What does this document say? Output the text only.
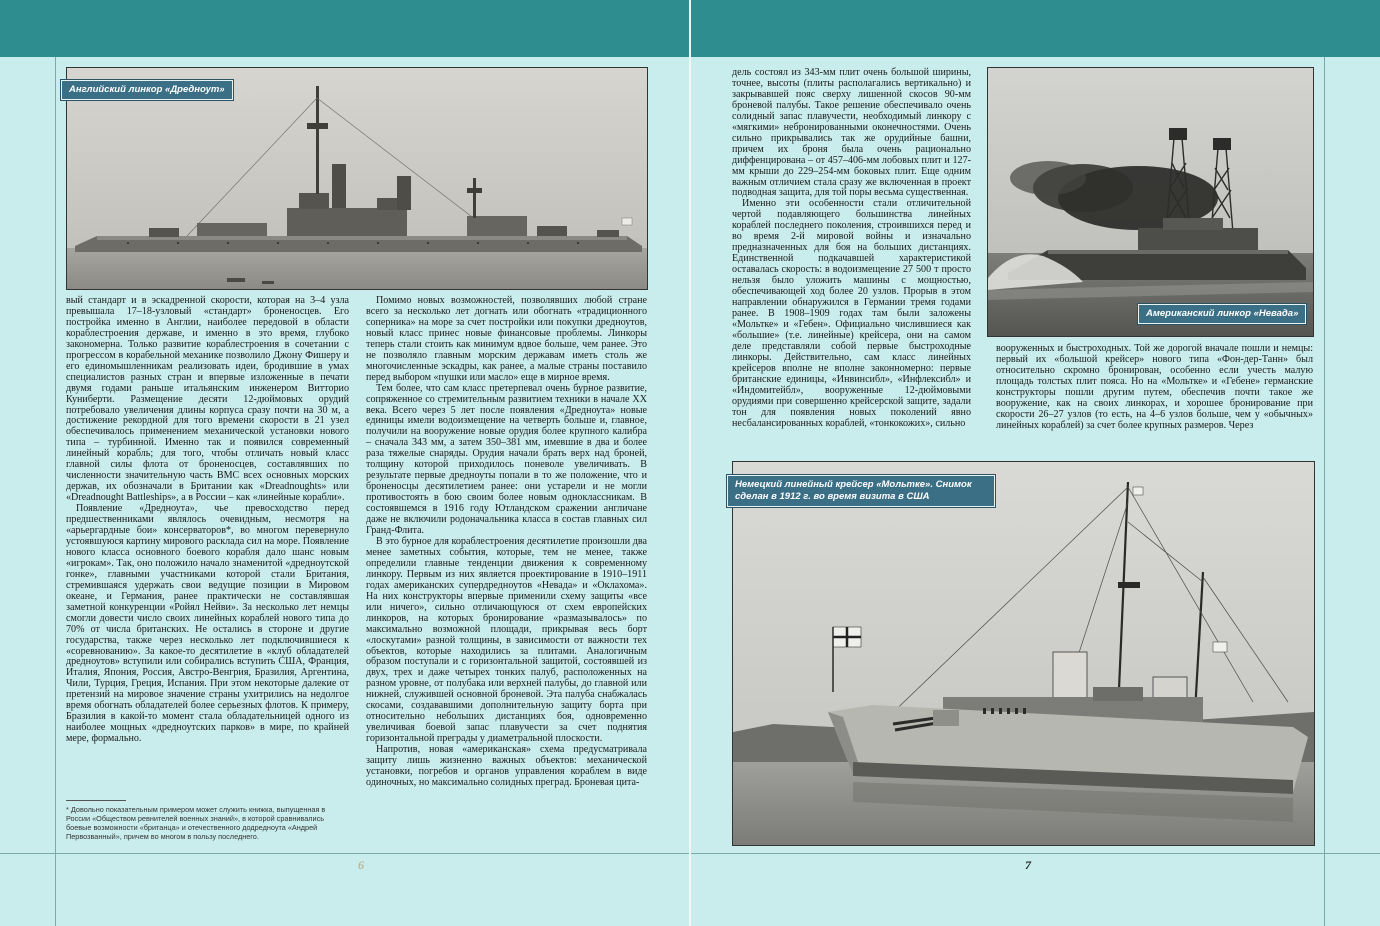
Английский линкор «Дредноут»

вый стандарт и в эскадренной скорости, которая на 3–4 узла превышала 17–18-узловый «стандарт» броненосцев. Его постройка именно в Англии, наиболее передовой в области кораблестроения державе, и именно в это время, глубоко закономерна. Только развитие кораблестроения в сочетании с прогрессом в корабельной механике позволило Джону Фишеру и его единомышленникам реализовать идеи, бродившие в умах специалистов разных стран и впервые изложенные в печати двумя годами раньше итальянским инженером Витторио Куниберти. Размещение десяти 12-дюймовых орудий потребовало увеличения длины корпуса сразу почти на 30 м, а достижение рекордной для того времени скорости в 21 узел обеспечивалось применением механической установки нового типа – турбинной. Именно так и появился современный линейный корабль; для того, чтобы отличать новый класс главной силы флота от броненосцев, составлявших по численности значительную часть ВМС всех основных морских держав, их обозначали в Британии как «Dreadnoughts» или «Dreadnought Battleships», а в России – как «линейные корабли».

Появление «Дредноута», чье превосходство перед предшественниками являлось очевидным, несмотря на «арьергардные бои» консерваторов*, во многом перевернуло устоявшуюся картину мирового раскладa сил на море. Появление нового класса основного боевого корабля дало шанс новым «игрокам». Так, оно положило начало знаменитой «дредноутской гонке», главными участниками которой стали Британия, стремившаяся удержать свои ведущие позиции в Мировом океане, и Германия, ранее практически не составлявшая заметной конкуренции «Ройял Нейви». За несколько лет немцы смогли довести число своих линейных кораблей нового типа до 70% от числа британских. Не остались в стороне и другие государства, также через несколько лет подключившиеся к «соревнованию». За какое-то десятилетие в «клуб обладателей дредноутов» вступили или собирались вступить США, Франция, Италия, Япония, Россия, Австро-Венгрия, Бразилия, Аргентина, Чили, Турция, Греция, Испания. При этом некоторые далекие от претензий на мировое значение страны ухитрились на недолгое время обогнать обладателей более серьезных флотов. К примеру, Бразилия в какой-то момент стала обладательницей одного из наиболее мощных «дредноутских парков» в мире, по крайней мере, формально.

* Довольно показательным примером может служить книжка, выпущенная в России «Обществом ревнителей военных знаний», в которой сравнивались боевые возможности «британца» и отечественного додредноута «Андрей Первозванный», причем во многом в пользу последнего.

Помимо новых возможностей, позволявших любой стране всего за несколько лет догнать или обогнать «традиционного соперника» на море за счет постройки или покупки дредноутов, новый класс принес новые финансовые проблемы. Линкоры теперь стали стоить как минимум вдвое больше, чем ранее. Это не позволяло главным морским державам иметь столь же многочисленные эскадры, как ранее, а малые страны поставило перед выбором «пушки или масло» еще в мирное время.

Тем более, что сам класс претерпевал очень бурное развитие, сопряженное со стремительным развитием техники в начале XX века. Всего через 5 лет после появления «Дредноута» новые единицы имели водоизмещение на четверть больше и, главное, получили на вооружение новые орудия более крупного калибра – сначала 343 мм, а затем 350–381 мм, имевшие в два и более раза тяжелые снаряды. Орудия начали брать верх над броней, толщину которой приходилось поневоле увеличивать. В результате первые дредноуты попали в то же положение, что и броненосцы десятилетием ранее: они устарели и не могли противостоять в бою своим более новым одноклассникам. В состоявшемся в 1916 году Ютландском сражении англичане даже не включили родоначальника класса в состав главных сил Гранд-Флита.

В это бурное для кораблестроения десятилетие произошли два менее заметных события, которые, тем не менее, также определили главные тенденции движения к современному линкору. Первым из них является проектирование в 1910–1911 годах американских супердредноутов «Невада» и «Оклахома». На них конструкторы впервые применили схему защиты «все или ничего», сильно отличающуюся от схем европейских линкоров, на которых бронирование «размазывалось» по максимально возможной площади, прикрывая весь борт «лоскутами» разной толщины, в зависимости от важности тех объектов, которые находились за плитами. Аналогичным образом поступали и с горизонтальной защитой, состоявшей из двух, трех и даже четырех тонких палуб, расположенных на разном уровне, от полубака или верхней палубы, до главной или нижней, служившей основной броневой. Эта палуба снабжалась скосами, создававшими дополнительную защиту борта при относительно небольших дистанциях боя, одновременно увеличивая боевой запас плавучести за счет поднятия горизонтальной преграды у диаметральной плоскости.

Напротив, новая «американская» схема предусматривала защиту лишь жизненно важных объектов: механической установки, погребов и органов управления кораблем в виде одиночных, но максимально солидных преград. Броневая цита-

6

дель состоял из 343-мм плит очень большой ширины, точнее, высоты (плиты располагались вертикально) и закрывавшей пояс сверху лишенной скосов 90-мм броневой палубы. Такое решение обеспечивало очень солидный запас плавучести, необходимый линкору с «мягкими» небронированными оконечностями. Очень сильно прикрывались так же орудийные башни, причем их броня была очень рационально диффенцирована – от 457–406-мм лобовых плит и 127-мм крыши до 229–254-мм боковых плит. Еще одним важным отличием стала сразу же включенная в проект подводная защита, для той поры весьма существенная.

Именно эти особенности стали отличительной чертой подавляющего большинства линейных кораблей последнего поколения, строившихся перед и во время 2-й мировой войны и изначально предназначенных для боя на больших дистанциях. Единственной подкачавшей характеристикой оставалась скорость: в водоизмещение 27 500 т просто нельзя было уложить машины с мощностью, обеспечивающей ход более 20 узлов. Прорыв в этом направлении обнаружился в Германии тремя годами ранее. В 1908–1909 годах там были заложены «Мольтке» и «Гебен». Официально числившиеся как «большие» (т.е. линейные) крейсера, они на самом деле представляли собой первые быстроходные линкоры. Действительно, сам класс линейных крейсеров вполне не вполне законномерно: первые британские единицы, «Инвинсибл», «Инфлексибл» и «Индомитейбл», вооруженные 12-дюймовыми орудиями при совершенно крейсерской защите, задали тон для появления новых покoлений явно несбалансированных кораблей, «тонкокожих», сильно

Американский линкор «Невада»

вооруженных и быстроходных. Той же дорогой вначале пошли и немцы: первый их «большой крейсер» нового типа «Фон-дер-Танн» был относительно скромно бронирован, особенно если учесть малую площадь толстых плит пояса. Но на «Мольтке» и «Гебене» германские конструкторы пошли другим путем, обеспечив почти такое же вооружение, как на своих линкорах, и хорошее бронирование при скорости 26–27 узлов (то есть, на 4–6 узлов больше, чем у «обычных» линейных кораблей) за счет более крупных размеров. Через

Немецкий линейный крейсер «Мольтке». Снимок сделан в 1912 г. во время визита в США
7
